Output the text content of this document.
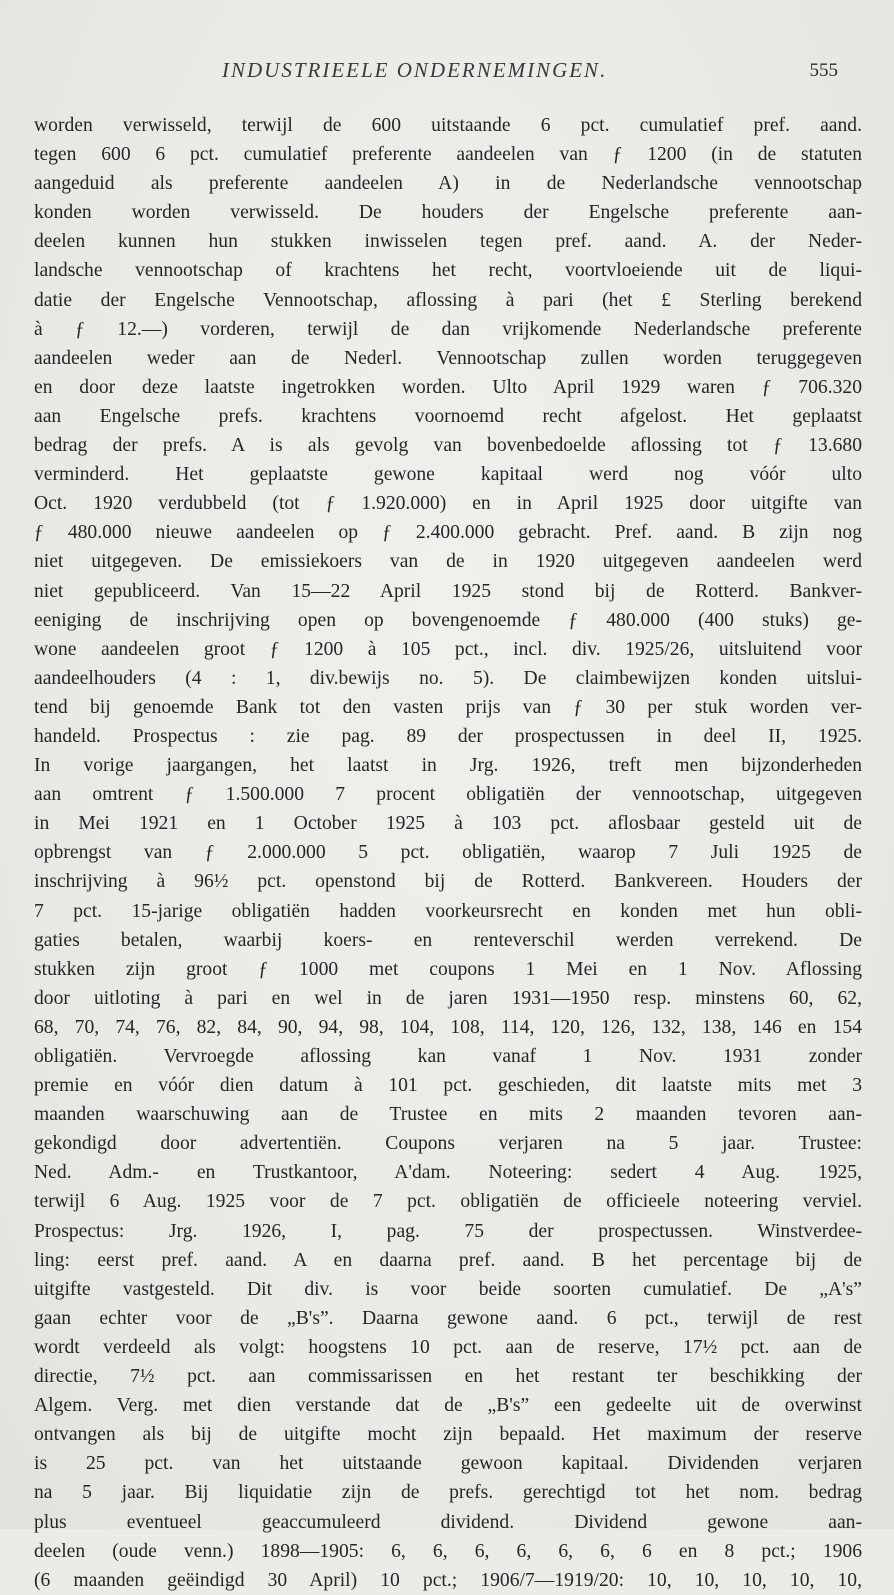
INDUSTRIEELE ONDERNEMINGEN.	555
worden verwisseld, terwijl de 600 uitstaande 6 pct. cumulatief pref. aand.
tegen 600 6 pct. cumulatief preferente aandeelen van ƒ 1200 (in de statuten
aangeduid als preferente aandeelen A) in de Nederlandsche vennootschap
konden worden verwisseld. De houders der Engelsche preferente aan-
deelen kunnen hun stukken inwisselen tegen pref. aand. A. der Neder-
landsche vennootschap of krachtens het recht, voortvloeiende uit de liqui-
datie der Engelsche Vennootschap, aflossing à pari (het £ Sterling berekend
à ƒ 12.—) vorderen, terwijl de dan vrijkomende Nederlandsche preferente
aandeelen weder aan de Nederl. Vennootschap zullen worden teruggegeven
en door deze laatste ingetrokken worden. Ulto April 1929 waren ƒ 706.320
aan Engelsche prefs. krachtens voornoemd recht afgelost. Het geplaatst
bedrag der prefs. A is als gevolg van bovenbedoelde aflossing tot ƒ 13.680
verminderd. Het geplaatste gewone kapitaal werd nog vóór ulto
Oct. 1920 verdubbeld (tot ƒ 1.920.000) en in April 1925 door uitgifte van
ƒ 480.000 nieuwe aandeelen op ƒ 2.400.000 gebracht. Pref. aand. B zijn nog
niet uitgegeven. De emissiekoers van de in 1920 uitgegeven aandeelen werd
niet gepubliceerd. Van 15—22 April 1925 stond bij de Rotterd. Bankver-
eeniging de inschrijving open op bovengenoemde ƒ 480.000 (400 stuks) ge-
wone aandeelen groot ƒ 1200 à 105 pct., incl. div. 1925/26, uitsluitend voor
aandeelhouders (4 : 1, div.bewijs no. 5). De claimbewijzen konden uitslui-
tend bij genoemde Bank tot den vasten prijs van ƒ 30 per stuk worden ver-
handeld. Prospectus : zie pag. 89 der prospectussen in deel II, 1925.
In vorige jaargangen, het laatst in Jrg. 1926, treft men bijzonderheden
aan omtrent ƒ 1.500.000 7 procent obligatiën der vennootschap, uitgegeven
in Mei 1921 en 1 October 1925 à 103 pct. aflosbaar gesteld uit de
opbrengst van ƒ 2.000.000 5 pct. obligatiën, waarop 7 Juli 1925 de
inschrijving à 96½ pct. openstond bij de Rotterd. Bankvereen. Houders der
7 pct. 15-jarige obligatiën hadden voorkeursrecht en konden met hun obli-
gaties betalen, waarbij koers- en renteverschil werden verrekend. De
stukken zijn groot ƒ 1000 met coupons 1 Mei en 1 Nov. Aflossing
door uitloting à pari en wel in de jaren 1931—1950 resp. minstens 60, 62,
68, 70, 74, 76, 82, 84, 90, 94, 98, 104, 108, 114, 120, 126, 132, 138, 146 en 154
obligatiën. Vervroegde aflossing kan vanaf 1 Nov. 1931 zonder
premie en vóór dien datum à 101 pct. geschieden, dit laatste mits met 3
maanden waarschuwing aan de Trustee en mits 2 maanden tevoren aan-
gekondigd door advertentiën. Coupons verjaren na 5 jaar. Trustee:
Ned. Adm.- en Trustkantoor, A'dam. Noteering: sedert 4 Aug. 1925,
terwijl 6 Aug. 1925 voor de 7 pct. obligatiën de officieele noteering verviel.
Prospectus: Jrg. 1926, I, pag. 75 der prospectussen. Winstverdee-
ling: eerst pref. aand. A en daarna pref. aand. B het percentage bij de
uitgifte vastgesteld. Dit div. is voor beide soorten cumulatief. De „A's”
gaan echter voor de „B's”. Daarna gewone aand. 6 pct., terwijl de rest
wordt verdeeld als volgt: hoogstens 10 pct. aan de reserve, 17½ pct. aan de
directie, 7½ pct. aan commissarissen en het restant ter beschikking der
Algem. Verg. met dien verstande dat de „B's” een gedeelte uit de overwinst
ontvangen als bij de uitgifte mocht zijn bepaald. Het maximum der reserve
is 25 pct. van het uitstaande gewoon kapitaal. Dividenden verjaren
na 5 jaar. Bij liquidatie zijn de prefs. gerechtigd tot het nom. bedrag
plus eventueel geaccumuleerd dividend. Dividend gewone aan-
deelen (oude venn.) 1898—1905: 6, 6, 6, 6, 6, 6, 6 en 8 pct.; 1906
(6 maanden geëindigd 30 April) 10 pct.; 1906/7—1919/20: 10, 10, 10, 10, 10,
